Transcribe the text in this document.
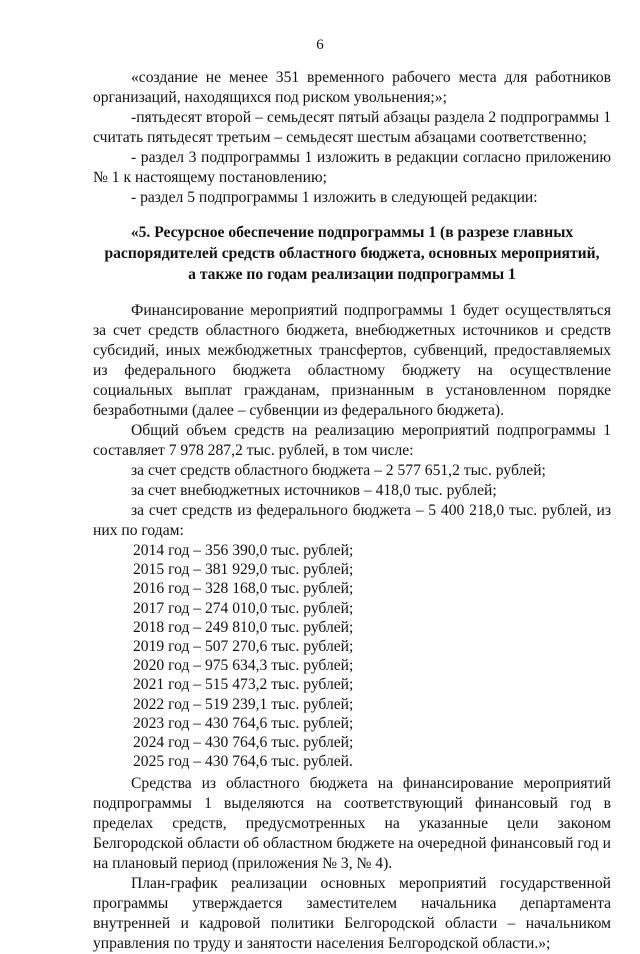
6

«создание не менее 351 временного рабочего места для работников организаций, находящихся под риском увольнения;»;

-пятьдесят второй – семьдесят пятый абзацы раздела 2 подпрограммы 1 считать пятьдесят третьим – семьдесят шестым абзацами соответственно;

- раздел 3 подпрограммы 1 изложить в редакции согласно приложению № 1 к настоящему постановлению;

- раздел 5 подпрограммы 1 изложить в следующей редакции:

«5. Ресурсное обеспечение подпрограммы 1 (в разрезе главных
распорядителей средств областного бюджета, основных мероприятий,
а также по годам реализации подпрограммы 1

Финансирование мероприятий подпрограммы 1 будет осуществляться за счет средств областного бюджета, внебюджетных источников и средств субсидий, иных межбюджетных трансфертов, субвенций, предоставляемых из федерального бюджета областному бюджету на осуществление социальных выплат гражданам, признанным в установленном порядке безработными (далее – субвенции из федерального бюджета).

Общий объем средств на реализацию мероприятий подпрограммы 1 составляет 7 978 287,2 тыс. рублей, в том числе:

за счет средств областного бюджета – 2 577 651,2 тыс. рублей;

за счет внебюджетных источников – 418,0 тыс. рублей;

за счет средств из федерального бюджета – 5 400 218,0 тыс. рублей, из них по годам:

2014 год – 356 390,0 тыс. рублей;
2015 год – 381 929,0 тыс. рублей;
2016 год – 328 168,0 тыс. рублей;
2017 год – 274 010,0 тыс. рублей;
2018 год – 249 810,0 тыс. рублей;
2019 год – 507 270,6 тыс. рублей;
2020 год – 975 634,3 тыс. рублей;
2021 год – 515 473,2 тыс. рублей;
2022 год – 519 239,1 тыс. рублей;
2023 год – 430 764,6 тыс. рублей;
2024 год – 430 764,6 тыс. рублей;
2025 год – 430 764,6 тыс. рублей.

Средства из областного бюджета на финансирование мероприятий подпрограммы 1 выделяются на соответствующий финансовый год в пределах средств, предусмотренных на указанные цели законом Белгородской области об областном бюджете на очередной финансовый год и на плановый период (приложения № 3, № 4).

План-график реализации основных мероприятий государственной программы утверждается заместителем начальника департамента внутренней и кадровой политики Белгородской области – начальником управления по труду и занятости населения Белгородской области.»;
